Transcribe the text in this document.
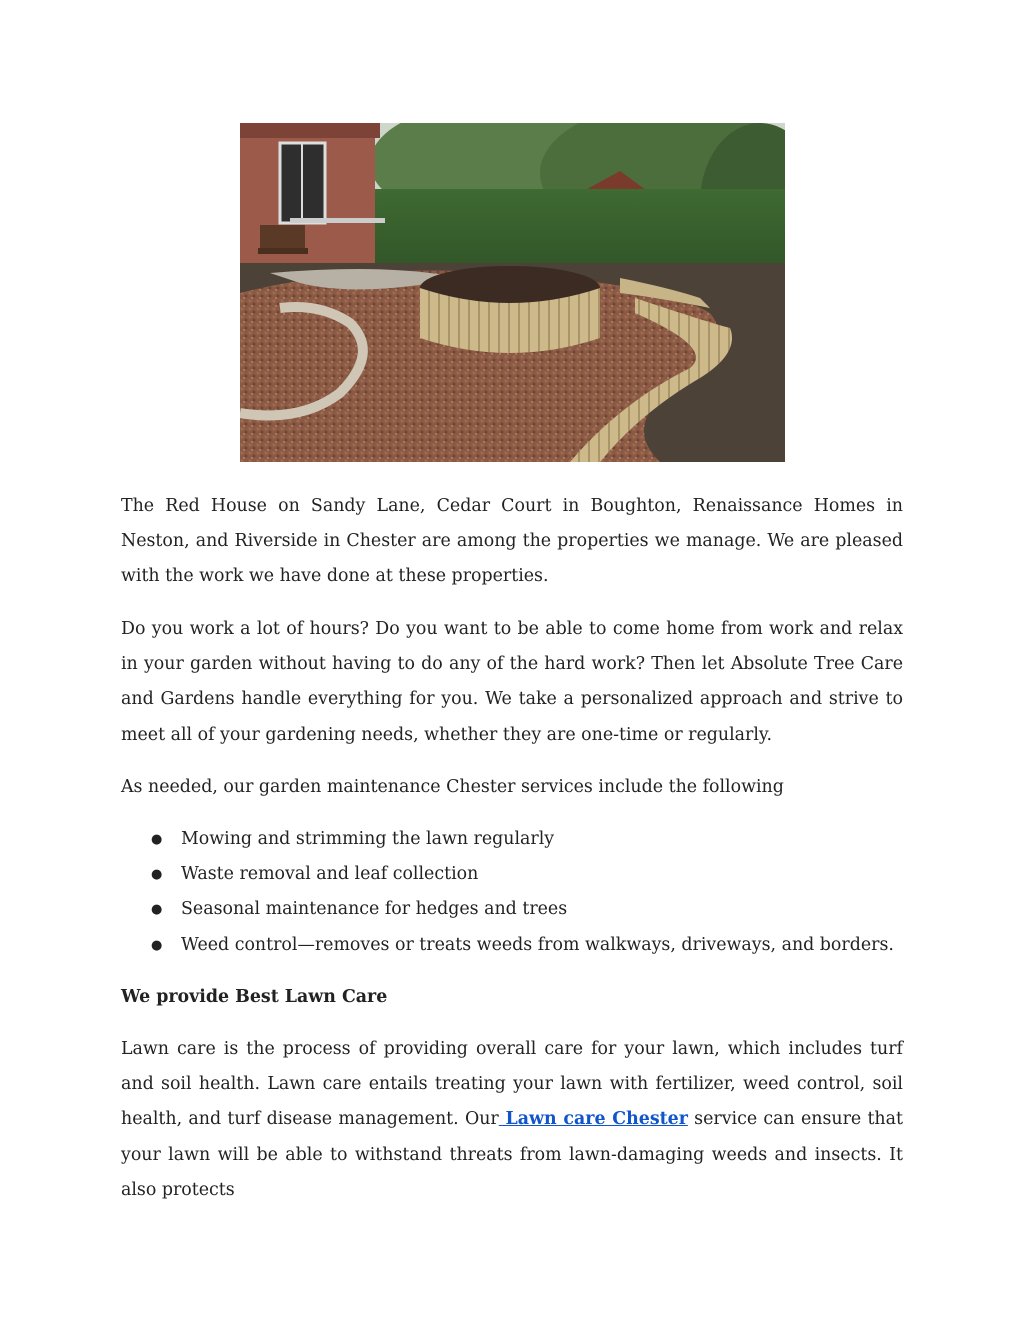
The Red House on Sandy Lane, Cedar Court in Boughton, Renaissance Homes in Neston, and Riverside in Chester are among the properties we manage. We are pleased with the work we have done at these properties.

Do you work a lot of hours? Do you want to be able to come home from work and relax in your garden without having to do any of the hard work? Then let Absolute Tree Care and Gardens handle everything for you. We take a personalized approach and strive to meet all of your gardening needs, whether they are one-time or regularly.

As needed, our garden maintenance Chester services include the following

● Mowing and strimming the lawn regularly
● Waste removal and leaf collection
● Seasonal maintenance for hedges and trees
● Weed control—removes or treats weeds from walkways, driveways, and borders.
We provide Best Lawn Care

Lawn care is the process of providing overall care for your lawn, which includes turf and soil health. Lawn care entails treating your lawn with fertilizer, weed control, soil health, and turf disease management. Our Lawn care Chester service can ensure that your lawn will be able to withstand threats from lawn-damaging weeds and insects. It also protects
